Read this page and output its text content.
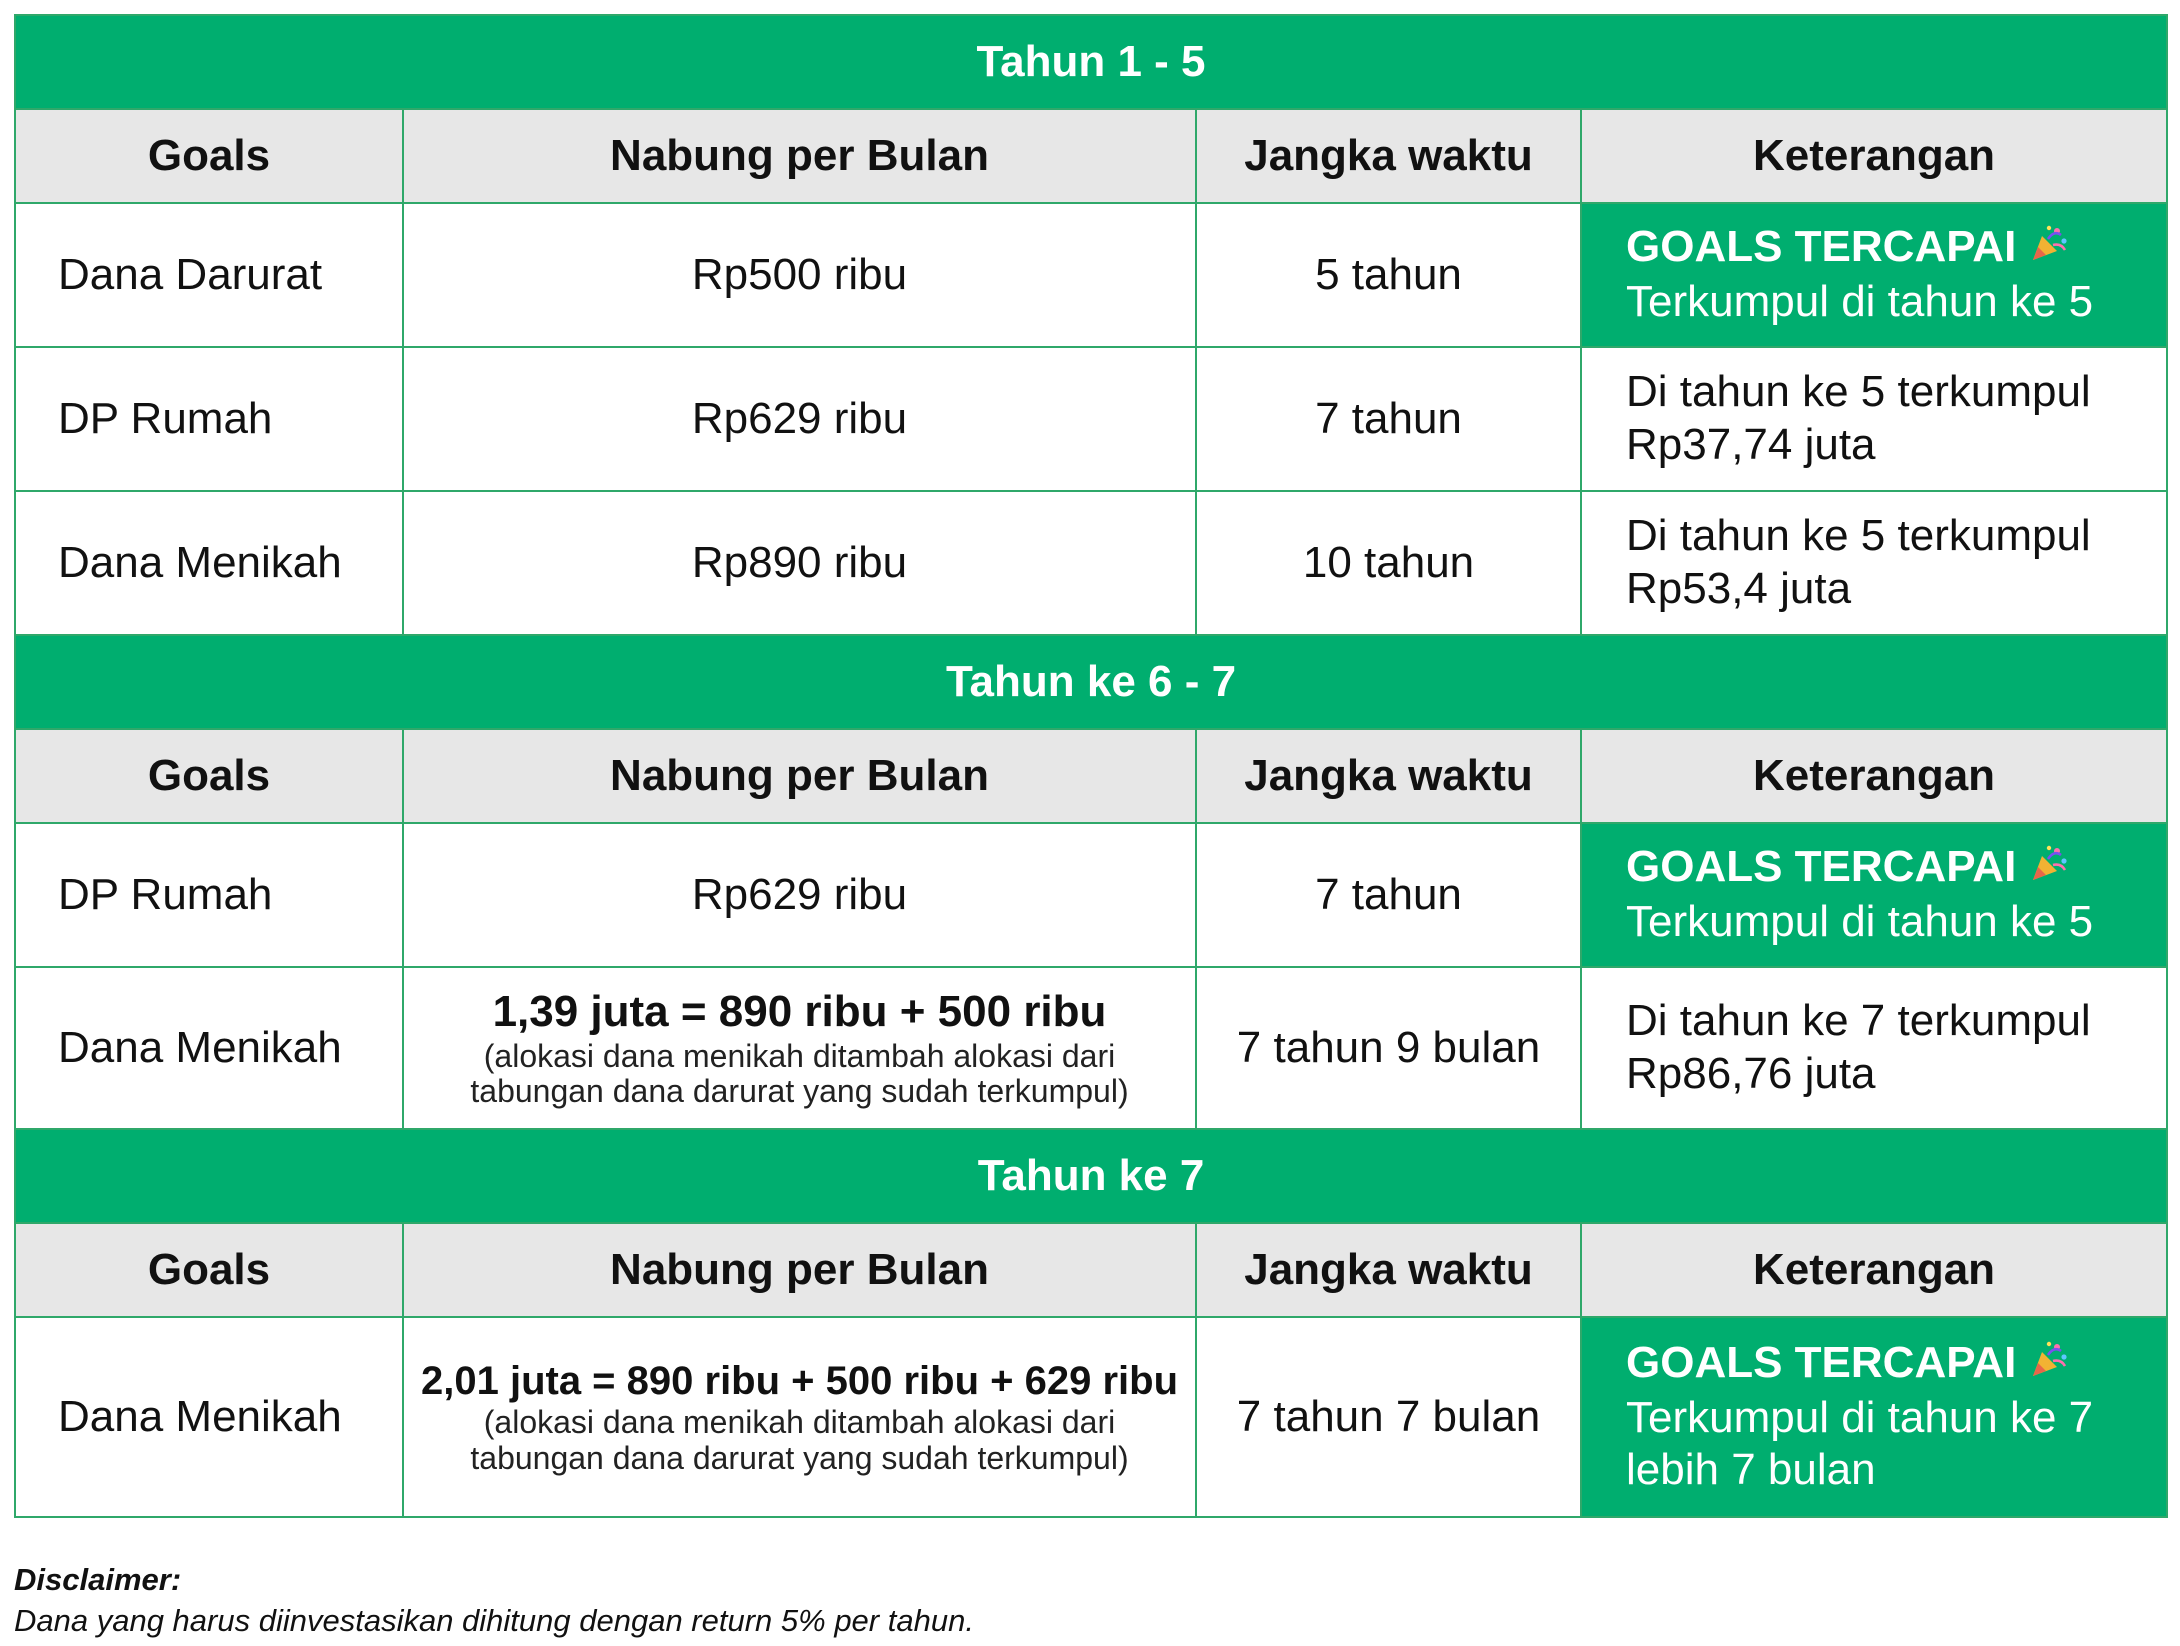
Tahun 1 - 5			
Goals	Nabung per Bulan	Jangka waktu	Keterangan
Dana Darurat	Rp500 ribu	5 tahun	GOALS TERCAPAI
Terkumpul di tahun ke 5
DP Rumah	Rp629 ribu	7 tahun	Di tahun ke 5 terkumpul
Rp37,74 juta
Dana Menikah	Rp890 ribu	10 tahun	Di tahun ke 5 terkumpul
Rp53,4 juta
Tahun ke 6 - 7			
Goals	Nabung per Bulan	Jangka waktu	Keterangan
DP Rumah	Rp629 ribu	7 tahun	GOALS TERCAPAI
Terkumpul di tahun ke 5
Dana Menikah	1,39 juta = 890 ribu + 500 ribu
(alokasi dana menikah ditambah alokasi dari
tabungan dana darurat yang sudah terkumpul)	7 tahun 9 bulan	Di tahun ke 7 terkumpul
Rp86,76 juta
Tahun ke 7			
Goals	Nabung per Bulan	Jangka waktu	Keterangan
Dana Menikah	2,01 juta = 890 ribu + 500 ribu + 629 ribu
(alokasi dana menikah ditambah alokasi dari
tabungan dana darurat yang sudah terkumpul)	7 tahun 7 bulan	GOALS TERCAPAI
Terkumpul di tahun ke 7
lebih 7 bulan
Disclaimer:
Dana yang harus diinvestasikan dihitung dengan return 5% per tahun.
